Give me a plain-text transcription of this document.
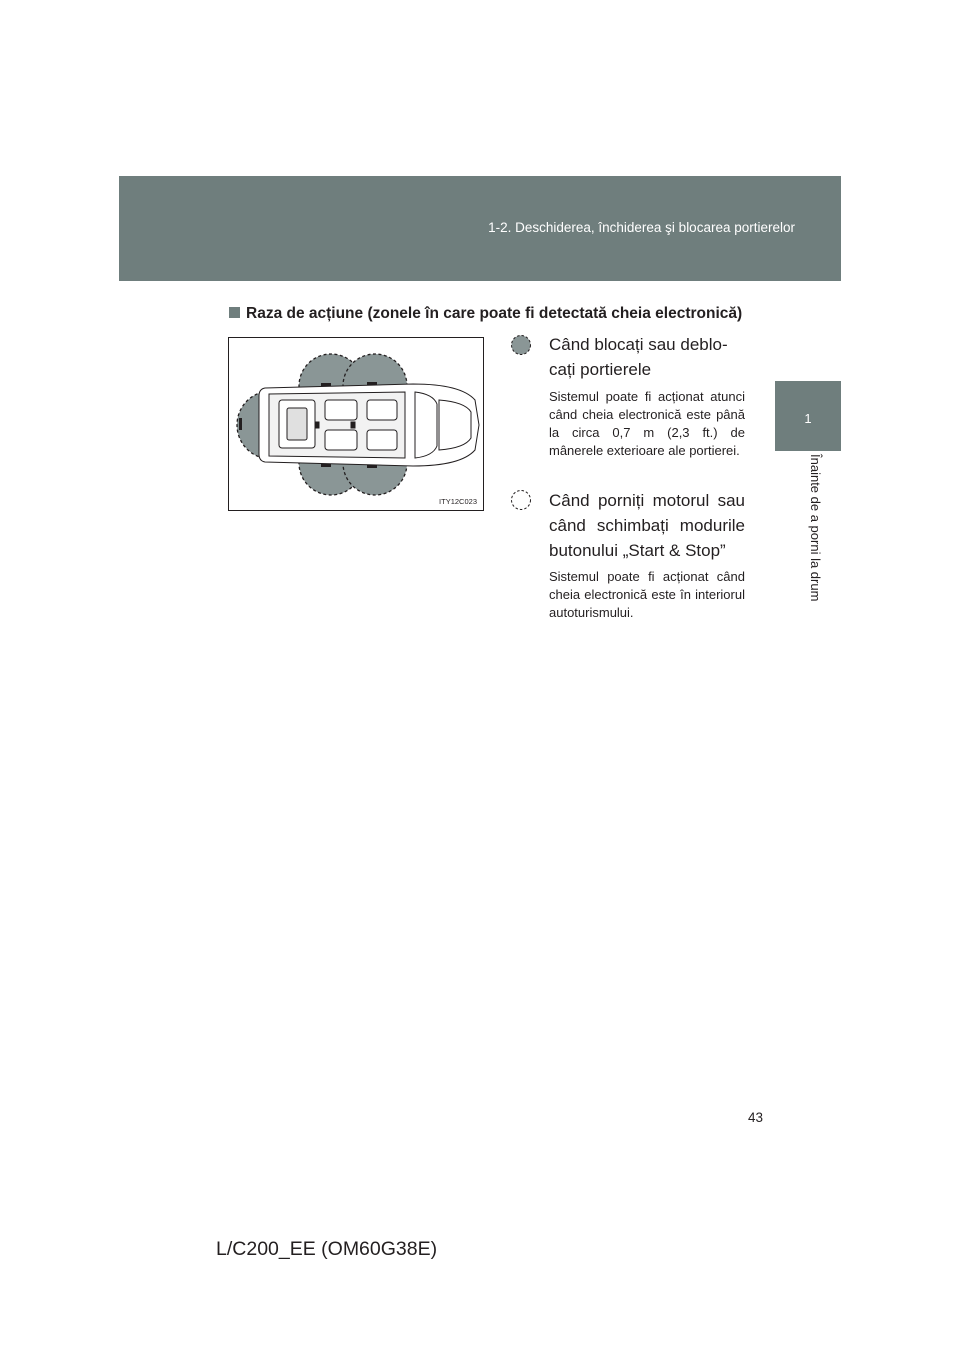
1-2. Deschiderea, închiderea şi blocarea portierelor
1
Înainte de a porni la drum
Raza de acțiune (zonele în care poate fi detectată cheia electronică)
ITY12C023
Când blocați sau deblo-cați portierele
Sistemul poate fi acționat atunci când cheia electronică este până la circa 0,7 m (2,3 ft.) de mânerele exterioare ale portierei.
Când porniți motorul sau când schimbați modurile butonului „Start & Stop”
Sistemul poate fi acționat când cheia electronică este în interiorul autoturismului.
43
L/C200_EE (OM60G38E)
